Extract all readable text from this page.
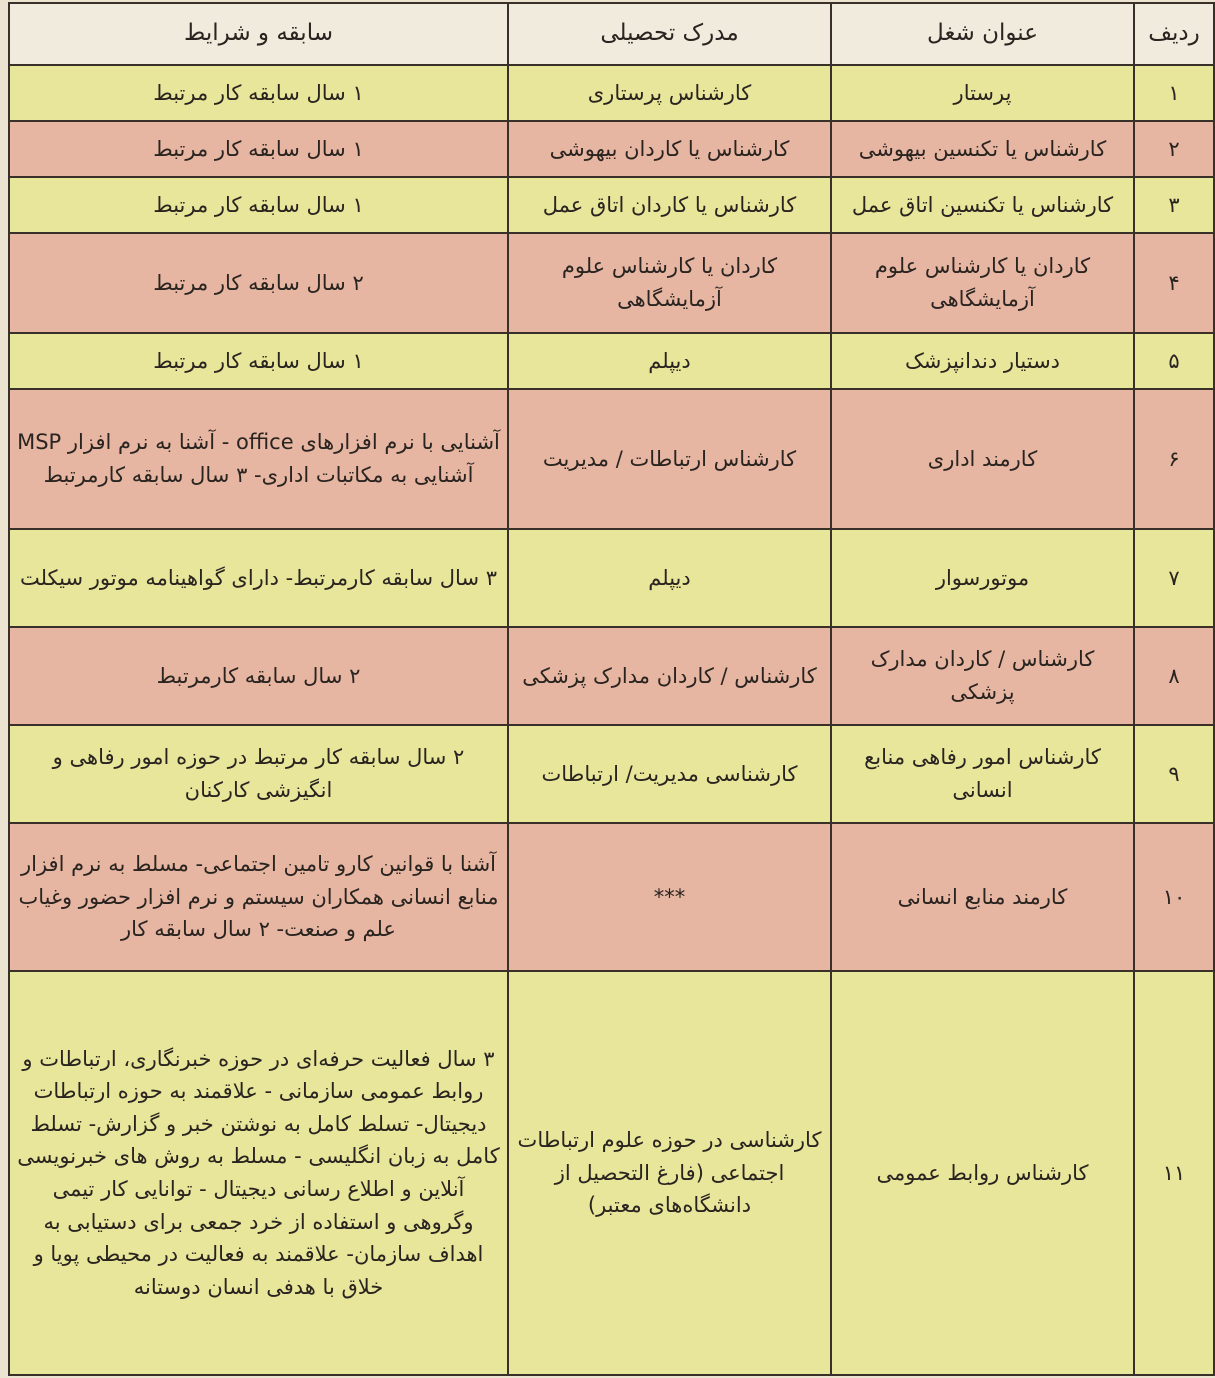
ردیف	عنوان شغل	مدرک تحصیلی	سابقه و شرایط
۱	پرستار	کارشناس پرستاری	۱ سال سابقه کار مرتبط
۲	کارشناس یا تکنسین بیهوشی	کارشناس یا کاردان بیهوشی	۱ سال سابقه کار مرتبط
۳	کارشناس یا تکنسین اتاق عمل	کارشناس یا کاردان اتاق عمل	۱ سال سابقه کار مرتبط
۴	کاردان یا کارشناس علوم آزمایشگاهی	کاردان یا کارشناس علوم آزمایشگاهی	۲ سال سابقه کار مرتبط
۵	دستیار دندانپزشک	دیپلم	۱ سال سابقه کار مرتبط
۶	کارمند اداری	کارشناس ارتباطات / مدیریت	آشنایی با نرم افزارهای office - آشنا به نرم افزار MSP آشنایی به مکاتبات اداری- ۳ سال سابقه کارمرتبط
۷	موتورسوار	دیپلم	۳ سال سابقه کارمرتبط- دارای گواهینامه موتور سیکلت
۸	کارشناس / کاردان مدارک پزشکی	کارشناس / کاردان مدارک پزشکی	۲ سال سابقه کارمرتبط
۹	کارشناس امور رفاهی منابع انسانی	کارشناسی مدیریت/ ارتباطات	۲ سال سابقه کار مرتبط در حوزه امور رفاهی و انگیزشی کارکنان
۱۰	کارمند منابع انسانی	***	آشنا با قوانین کارو تامین اجتماعی- مسلط به نرم افزار منابع انسانی همکاران سیستم و نرم افزار حضور وغیاب علم و صنعت- ۲ سال سابقه کار
۱۱	کارشناس روابط عمومی	کارشناسی در حوزه علوم ارتباطات اجتماعی (فارغ التحصیل از دانشگاه‌های معتبر)	۳ سال فعالیت حرفه‌ای در حوزه خبرنگاری، ارتباطات و روابط عمومی سازمانی - علاقمند به حوزه ارتباطات دیجیتال- تسلط کامل به نوشتن خبر و گزارش- تسلط کامل به زبان انگلیسی - مسلط به روش های خبرنویسی آنلاین و اطلاع رسانی دیجیتال - توانایی کار تیمی وگروهی و استفاده از خرد جمعی برای دستیابی به اهداف سازمان- علاقمند به فعالیت در محیطی پویا و خلاق با هدفی انسان دوستانه
